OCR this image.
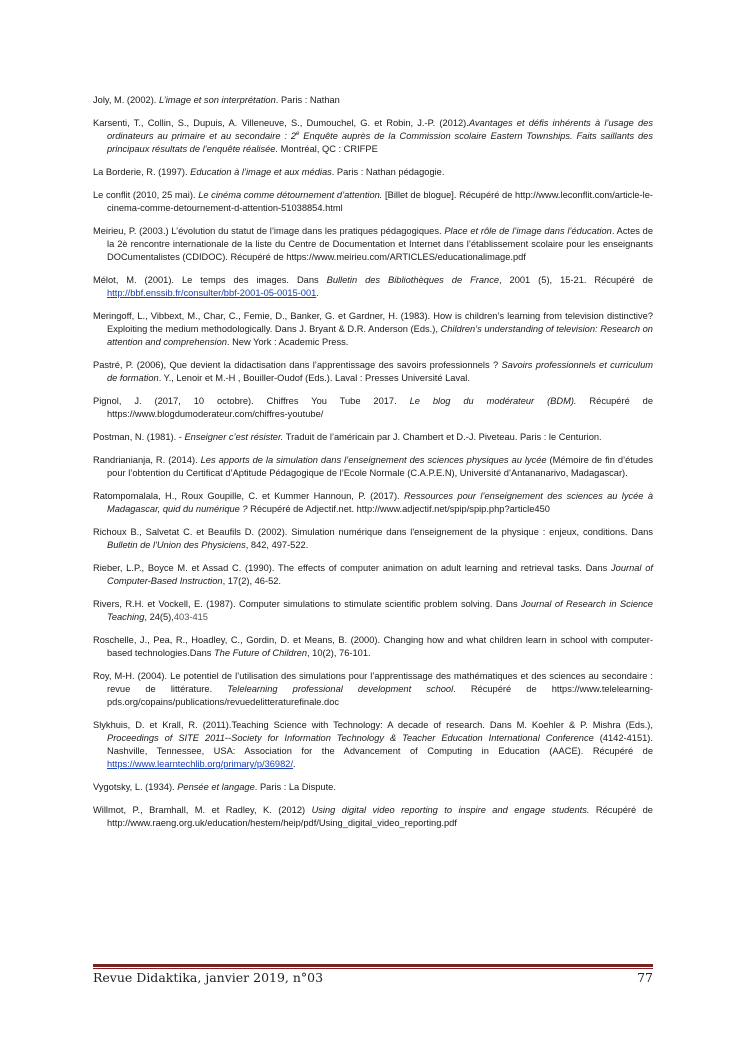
Joly, M. (2002). L’image et son interprétation. Paris : Nathan

Karsenti, T., Collin, S., Dupuis, A. Villeneuve, S., Dumouchel, G. et Robin, J.-P. (2012).Avantages et défis inhérents à l’usage des ordinateurs au primaire et au secondaire : 2e Enquête auprès de la Commission scolaire Eastern Townships. Faits saillants des principaux résultats de l’enquête réalisée. Montréal, QC : CRIFPE

La Borderie, R. (1997). Education à l’image et aux médias. Paris : Nathan pédagogie.

Le conflit (2010, 25 mai). Le cinéma comme détournement d’attention. [Billet de blogue]. Récupéré de http://www.leconflit.com/article-le-cinema-comme-detournement-d-attention-51038854.html

Meirieu, P. (2003.) L’évolution du statut de l’image dans les pratiques pédagogiques. Place et rôle de l’image dans l’éducation. Actes de la 2è rencontre internationale de la liste du Centre de Documentation et Internet dans l’établissement scolaire pour les enseignants DOCumentalistes (CDIDOC). Récupéré de https://www.meirieu.com/ARTICLES/educationalimage.pdf

Mélot, M. (2001). Le temps des images. Dans Bulletin des Bibliothèques de France, 2001 (5), 15-21. Récupéré de http://bbf.enssib.fr/consulter/bbf-2001-05-0015-001.

Meringoff, L., Vibbext, M., Char, C., Femie, D., Banker, G. et Gardner, H. (1983). How is children’s learning from television distinctive? Exploiting the medium methodologically. Dans J. Bryant & D.R. Anderson (Eds.), Children’s understanding of television: Research on attention and comprehension. New York : Academic Press.

Pastré, P. (2006), Que devient la didactisation dans l’apprentissage des savoirs professionnels ? Savoirs professionnels et curriculum de formation. Y., Lenoir et M.-H , Bouiller-Oudof (Eds.). Laval : Presses Université Laval.

Pignol, J. (2017, 10 octobre). Chiffres You Tube 2017. Le blog du modérateur (BDM). Récupéré de https://www.blogdumoderateur.com/chiffres-youtube/

Postman, N. (1981). - Enseigner c’est résister. Traduit de l’américain par J. Chambert et D.-J. Piveteau. Paris : le Centurion.

Randrianianja, R. (2014). Les apports de la simulation dans l’enseignement des sciences physiques au lycée (Mémoire de fin d’études pour l’obtention du Certificat d’Aptitude Pédagogique de l’Ecole Normale (C.A.P.E.N), Université d’Antananarivo, Madagascar).

Ratompomalala, H., Roux Goupille, C. et Kummer Hannoun, P. (2017). Ressources pour l’enseignement des sciences au lycée à Madagascar, quid du numérique ? Récupéré de Adjectif.net. http://www.adjectif.net/spip/spip.php?article450

Richoux B., Salvetat C. et Beaufils D. (2002). Simulation numérique dans l'enseignement de la physique : enjeux, conditions. Dans Bulletin de l'Union des Physiciens, 842, 497-522.

Rieber, L.P., Boyce M. et Assad C. (1990). The effects of computer animation on adult learning and retrieval tasks. Dans Journal of Computer-Based Instruction, 17(2), 46-52.

Rivers, R.H. et Vockell, E. (1987). Computer simulations to stimulate scientific problem solving. Dans Journal of Research in Science Teaching, 24(5),403-415

Roschelle, J., Pea, R., Hoadley, C., Gordin, D. et Means, B. (2000). Changing how and what children learn in school with computer-based technologies.Dans The Future of Children, 10(2), 76-101.

Roy, M-H. (2004). Le potentiel de l’utilisation des simulations pour l’apprentissage des mathématiques et des sciences au secondaire : revue de littérature. Telelearning professional development school. Récupéré de https://www.telelearning-pds.org/copains/publications/revuedelitteraturefinale.doc

Slykhuis, D. et Krall, R. (2011).Teaching Science with Technology: A decade of research. Dans M. Koehler & P. Mishra (Eds.), Proceedings of SITE 2011--Society for Information Technology & Teacher Education International Conference (4142-4151). Nashville, Tennessee, USA: Association for the Advancement of Computing in Education (AACE). Récupéré de https://www.learntechlib.org/primary/p/36982/.

Vygotsky, L. (1934). Pensée et langage. Paris : La Dispute.

Willmot, P., Bramhall, M. et Radley, K. (2012) Using digital video reporting to inspire and engage students. Récupéré de http://www.raeng.org.uk/education/hestem/heip/pdf/Using_digital_video_reporting.pdf

Revue Didaktika, janvier 2019, n°03	77
